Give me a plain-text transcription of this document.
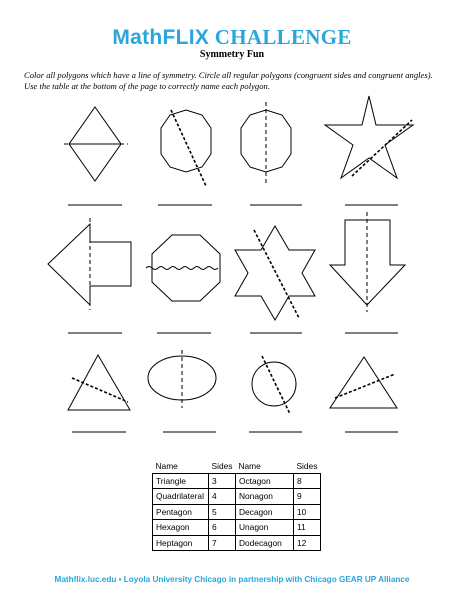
MathFLIX CHALLENGE
Symmetry Fun
Color all polygons which have a line of symmetry. Circle all regular polygons (congruent sides and congruent angles). Use the table at the bottom of the page to correctly name each polygon.
Name	Sides	Name	Sides
Triangle	3	Octagon	8
Quadrilateral	4	Nonagon	9
Pentagon	5	Decagon	10
Hexagon	6	Unagon	11
Heptagon	7	Dodecagon	12
Mathflix.luc.edu • Loyola University Chicago in partnership with Chicago GEAR UP Alliance
